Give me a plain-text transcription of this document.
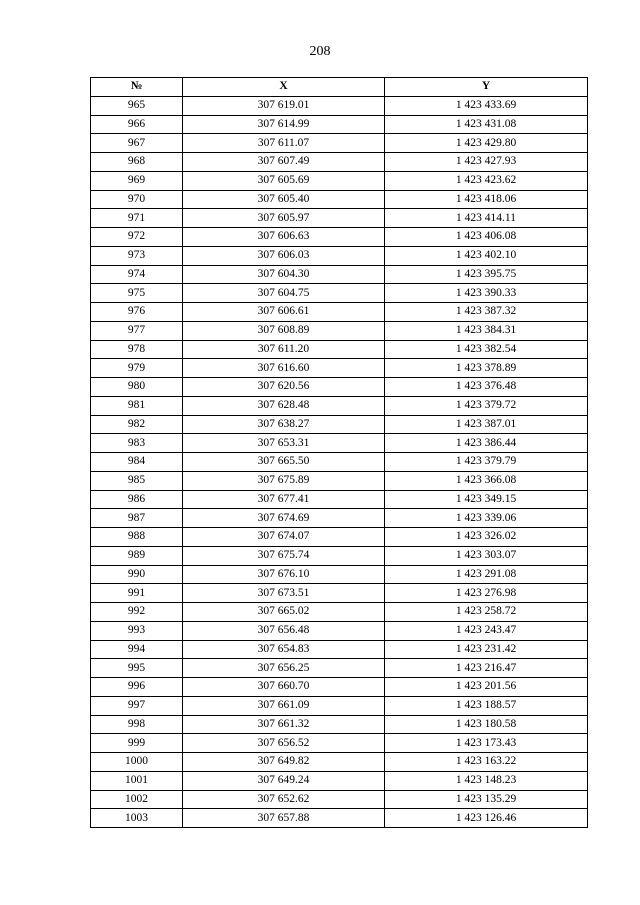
208
№	X	Y
965	307 619.01	1 423 433.69
966	307 614.99	1 423 431.08
967	307 611.07	1 423 429.80
968	307 607.49	1 423 427.93
969	307 605.69	1 423 423.62
970	307 605.40	1 423 418.06
971	307 605.97	1 423 414.11
972	307 606.63	1 423 406.08
973	307 606.03	1 423 402.10
974	307 604.30	1 423 395.75
975	307 604.75	1 423 390.33
976	307 606.61	1 423 387.32
977	307 608.89	1 423 384.31
978	307 611.20	1 423 382.54
979	307 616.60	1 423 378.89
980	307 620.56	1 423 376.48
981	307 628.48	1 423 379.72
982	307 638.27	1 423 387.01
983	307 653.31	1 423 386.44
984	307 665.50	1 423 379.79
985	307 675.89	1 423 366.08
986	307 677.41	1 423 349.15
987	307 674.69	1 423 339.06
988	307 674.07	1 423 326.02
989	307 675.74	1 423 303.07
990	307 676.10	1 423 291.08
991	307 673.51	1 423 276.98
992	307 665.02	1 423 258.72
993	307 656.48	1 423 243.47
994	307 654.83	1 423 231.42
995	307 656.25	1 423 216.47
996	307 660.70	1 423 201.56
997	307 661.09	1 423 188.57
998	307 661.32	1 423 180.58
999	307 656.52	1 423 173.43
1000	307 649.82	1 423 163.22
1001	307 649.24	1 423 148.23
1002	307 652.62	1 423 135.29
1003	307 657.88	1 423 126.46
